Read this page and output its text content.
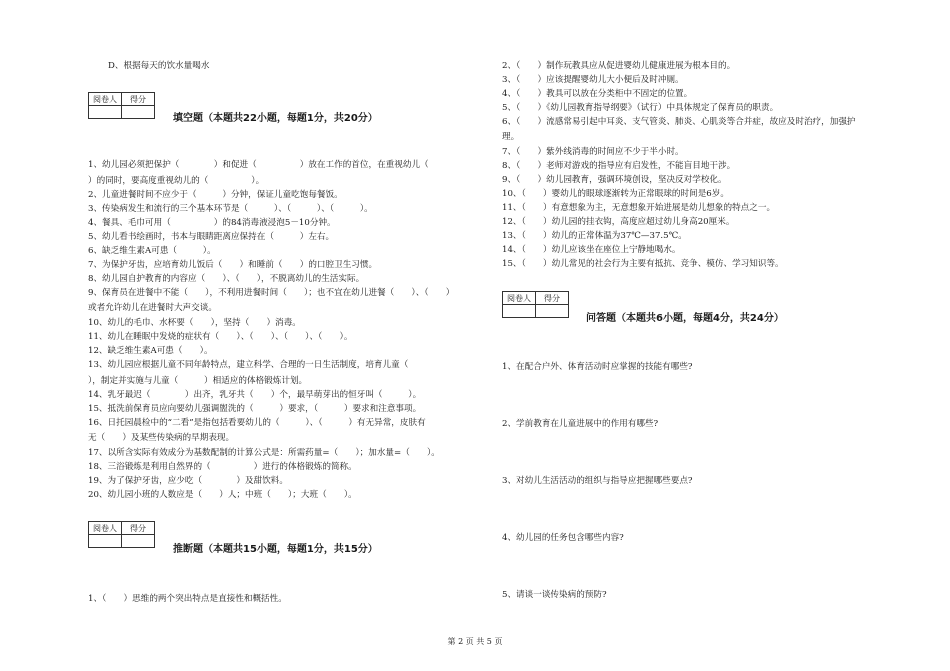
D、根据每天的饮水量喝水
阅卷人	得分

填空题（本题共22小题，每题1分，共20分）
1、幼儿园必须把保护（　　　　）和促进（　　　　　）放在工作的首位，在重视幼儿（
）的同时，要高度重视幼儿的（　　　　　）。
2、儿童进餐时间不应少于（　　　）分钟，保证儿童吃饱每餐饭。
3、传染病发生和流行的三个基本环节是（　　　）、（　　　）、（　　　）。
4、餐具、毛巾可用（　　　　　）的84消毒液浸泡5－10分钟。
5、幼儿看书绘画时，书本与眼睛距离应保持在（　　　）左右。
6、缺乏维生素A可患（　　　）。
7、为保护牙齿，应培育幼儿饭后（　　）和睡前（　　）的口腔卫生习惯。
8、幼儿园自护教育的内容应（　　）、（　　），不脱离幼儿的生活实际。
9、保育员在进餐中不能（　　），不利用进餐时间（　　）；也不宜在幼儿进餐（　　）、（　　）
或者允许幼儿在进餐时大声交谈。
10、幼儿的毛巾、水杯要（　　），坚持（　　）消毒。
11、幼儿在睡眠中发烧的症状有（　　）、（　　）、（　　）、（　　）。
12、缺乏维生素A可患（　　）。
13、幼儿园应根据儿童不同年龄特点，建立科学、合理的一日生活制度，培育儿童（
），制定并实施与儿童（　　　）相适应的体格锻炼计划。
14、乳牙最迟（　　　　）出齐，乳牙共（　　）个，最早萌芽出的恒牙叫（　　　）。
15、抵洗前保育员应向要幼儿强调盥洗的（　　　）要求，（　　　）要求和注意事项。
16、日托园晨检中的“二看”是指包括看要幼儿的（　　　）、（　　　）有无异常，皮肤有
无（　　）及某些传染病的早期表现。
17、以所含实际有效成分为基数配制的计算公式是：所需药量=（　　）；加水量=（　　）。
18、三浴锻炼是利用自然界的（　　　　　）进行的体格锻炼的简称。
19、为了保护牙齿，应少吃（　　　　）及甜饮料。
20、幼儿园小班的人数应是（　　）人；中班（　　）；大班（　　）。
阅卷人	得分

推断题（本题共15小题，每题1分，共15分）
1、（　　）思维的两个突出特点是直接性和概括性。
2、（　　）制作玩教具应从促进婴幼儿健康进展为根本目的。
3、（　　）应该提醒婴幼儿大小便后及时冲厕。
4、（　　）教具可以放在分类柜中不固定的位置。
5、（　　）《幼儿园教育指导纲要》（试行）中具体规定了保育员的职责。
6、（　　）流感常易引起中耳炎、支气管炎、肺炎、心肌炎等合并症，故应及时治疗，加强护
理。
7、（　　）紫外线消毒的时间应不少于半小时。
8、（　　）老师对游戏的指导应有启发性，不能盲目地干涉。
9、（　　）幼儿园教育，强调环境创设，坚决反对学校化。
10、（　　）婴幼儿的眼球逐渐转为正常眼球的时间是6岁。
11、（　　）有意想象为主，无意想象开始进展是幼儿想象的特点之一。
12、（　　）幼儿园的挂衣钩，高度应超过幼儿身高20厘米。
13、（　　）幼儿的正常体温为37℃—37.5℃。
14、（　　）幼儿应该坐在座位上宁静地喝水。
15、（　　）幼儿常见的社会行为主要有抵抗、竞争、模仿、学习知识等。
阅卷人	得分

问答题（本题共6小题，每题4分，共24分）
1、在配合户外、体育活动时应掌握的技能有哪些?
2、学前教育在儿童进展中的作用有哪些?
3、对幼儿生活活动的组织与指导应把握哪些要点?
4、幼儿园的任务包含哪些内容?
5、请谈一谈传染病的预防?
第 2 页 共 5 页
